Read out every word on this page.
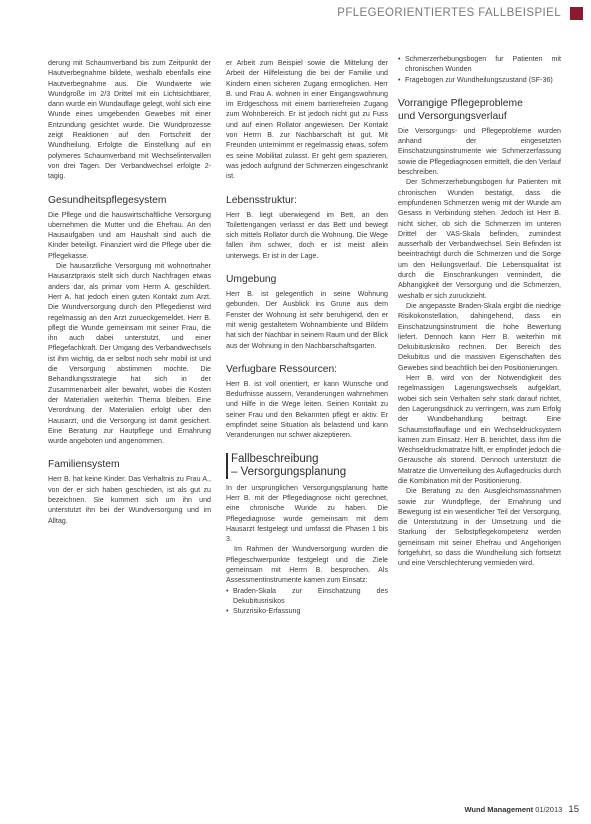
PFLEGEORIENTIERTES FALLBEISPIEL

derung mit Schaumverband bis zum Zeitpunkt der Hautverbegnahme bildete, weshalb ebenfalls eine Hautverbegnahme aus. Die Wundwerte wie Wundgroße im 2/3 Drittel mit ein Lichtsichtbarer, dann wurde ein Wundauflage gelegt, wohl sich eine Wunde eines umgebenden Gewebes mit einer Entzundung gesichtet wurde. Die Wundprozesse zeigt Reaktionen auf den Fortschritt der Wundheilung. Erfolgte die Einstellung auf ein polymeres Schaumverband mit Wechselintervallen von drei Tagen. Der Verbandwechsel erfolgte 2-tagig.

Gesundheitspflegesystem

Die Pflege und die hauswirtschaftliche Versorgung ubernehmen die Mutter und die Ehefrau. An den Hausaufgaben und am Haushalt sind auch die Kinder beteiligt. Finanziert wird die Pflege uber die Pflegekasse.

Die hausarztliche Versorgung mit wohnortnaher Hausarztpraxis stellt sich durch Nachfragen etwas anders dar, als primar vom Herrn A. geschildert. Herr A. hat jedoch einen guten Kontakt zum Arzt. Die Wundversorgung durch den Pflegedienst wird regelmassig an den Arzt zurueckgemeldet. Herr B. pflegt die Wunde gemeinsam mit seiner Frau, die ihn auch dabei unterstutzt, und einer Pflegefachkraft. Der Umgang des Verbandwechsels ist ihm wichtig, da er selbst noch sehr mobil ist und die Versorgung abstimmen mochte. Die Behandlungsstrategie hat sich in der Zusammenarbeit aller bewahrt, wobei die Kosten der Materialien weiterhin Thema bleiben. Eine Verordnung der Materialien erfolgt uber den Hausarzt, und die Versorgung ist damit gesichert. Eine Beratung zur Hautpflege und Ernahrung wurde angeboten und angenommen.

Familiensystem

Herr B. hat keine Kinder. Das Verhaltnis zu Frau A., von der er sich haben geschieden, ist als gut zu bezeichnen. Sie kummert sich um ihn und unterstutzt ihn bei der Wundversorgung und im Alltag.

er Arbeit zum Beispiel sowie die Mittelung der Arbeit der Hilfeleistung die bei der Familie und Kindern einen sicheren Zugang ermoglichen. Herr B. und Frau A. wohnen in einer Eingangswohnung im Erdgeschoss mit einem barrierefreien Zugang zum Wohnbereich. Er ist jedoch nicht gut zu Fuss und auf einen Rollator angewiesen. Der Kontakt von Herrn B. zur Nachbarschaft ist gut. Mit Freunden unternimmt er regelmassig etwas, sofern es seine Mobilitat zulasst. Er geht gern spazieren, was jedoch aufgrund der Schmerzen eingeschrankt ist.

Lebensstruktur:

Herr B. liegt uberwiegend im Bett, an den Toilettengangen verlasst er das Bett und bewegt sich mittels Rollator durch die Wohnung. Die Wege fallen ihm schwer, doch er ist meist allein unterwegs. Er ist in der Lage.

Umgebung

Herr B. ist gelegentlich in seine Wohnung gebunden. Der Ausblick ins Grune aus dem Fenster der Wohnung ist sehr beruhigend, den er mit wenig gestaltetem Wohnambiente und Bildern hat sich der Nachbar in seinem Raum und der Blick aus der Wohnung in den Nachbarschaftsgarten.

Verfugbare Ressourcen:

Herr B. ist voll orientiert, er kann Wunsche und Bedurfnisse aussern, Veranderungen wahrnehmen und Hilfe in die Wege leiten. Seinen Kontakt zu seiner Frau und den Bekannten pflegt er aktiv. Er empfindet seine Situation als belastend und kann Veranderungen nur schwer akzeptieren.

Fallbeschreibung
– Versorgungsplanung

In der ursprunglichen Versorgungsplanung hatte Herr B. mit der Pflegediagnose nicht gerechnet, eine chronische Wunde zu haben. Die Pflegediagnose wurde gemeinsam mit dem Hausarzt festgelegt und umfasst die Phasen 1 bis 3.

Im Rahmen der Wundversorgung wurden die Pflegeschwerpunkte festgelegt und die Ziele gemeinsam mit Herrn B. besprochen. Als Assessmentinstrumente kamen zum Einsatz:

• Braden-Skala zur Einschatzung des Dekubitusrisikos
• Sturzrisiko-Erfassung
• Schmerzerhebungsbogen fur Patienten mit chronischen Wunden
• Fragebogen zur Wundheilungszustand (SF-36)
Vorrangige Pflegeprobleme
und Versorgungsverlauf

Die Versorgungs- und Pflegeprobleme wurden anhand der eingesetzten Einschatzungsinstrumente wie Schmerzerfassung sowie die Pflegediagnosen ermittelt, die den Verlauf beschreiben.

Der Schmerzerhebungsbogen fur Patienten mit chronischen Wunden bestatigt, dass die empfundenen Schmerzen wenig mit der Wunde am Gesass in Verbindung stehen. Jedoch ist Herr B. nicht sicher, ob sich die Schmerzen im unteren Drittel der VAS-Skala befinden, zumindest ausserhalb der Verbandwechsel. Sein Befinden ist beeintrachtigt durch die Schmerzen und die Sorge um den Heilungsverlauf. Die Lebensqualitat ist durch die Einschrankungen vermindert, die Abhangigkeit der Versorgung und die Schmerzen, weshalb er sich zuruckzieht.

Die angepasste Braden-Skala ergibt die niedrige Risikokonstellation, dahingehend, dass ein Einschatzungsinstrument die hohe Bewertung liefert. Dennoch kann Herr B. weiterhin mit Dekubituskrisiko rechnen. Der Bereich des Dekubitus und die massiven Eigenschaften des Gewebes sind beachtlich bei den Positionierungen.

Herr B. wird von der Notwendigkeit des regelmassigen Lagerungswechsels aufgeklart, wobei sich sein Verhalten sehr stark darauf richtet, den Lagerungsdruck zu verringern, was zum Erfolg der Wundbehandlung beitragt. Eine Schaumstoffauflage und ein Wechseldrucksystem kamen zum Einsatz. Herr B. berichtet, dass ihm die Wechseldruckmatratze hilft, er empfindet jedoch die Gerausche als storend. Dennoch unterstutzt die Matratze die Umverteilung des Auflagedrucks durch die Kombination mit der Positionierung.

Die Beratung zu den Ausgleichsmassnahmen sowie zur Wundpflege, der Ernahrung und Bewegung ist ein wesentlicher Teil der Versorgung, die Unterstutzung in der Umsetzung und die Starkung der Selbstpflegekompetenz werden gemeinsam mit seiner Ehefrau und Angehorigen fortgefuhrt, so dass die Wundheilung sich fortsetzt und eine Verschlechterung vermieden wird.

Wund Management 01/2013 15
